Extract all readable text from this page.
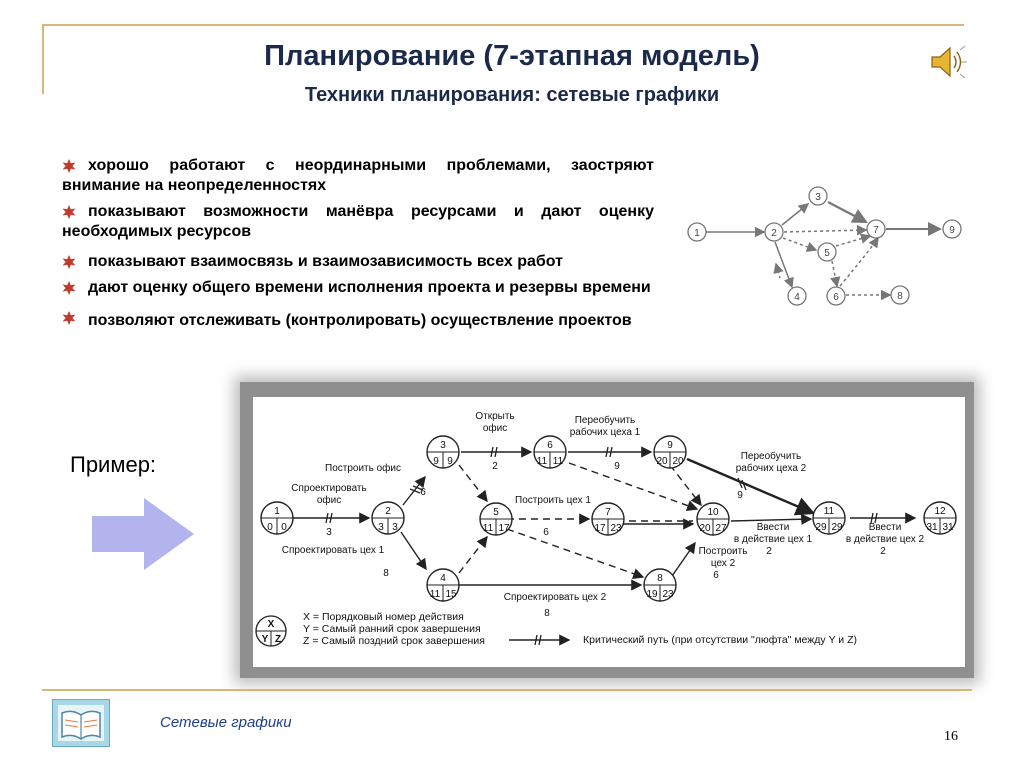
Планирование (7-этапная модель)
Техники планирования: сетевые графики
хорошо работают с неординарными проблемами, заостряют внимание на неопределенностях
показывают возможности манёвра ресурсами и дают оценку необходимых ресурсов
показывают взаимосвязь и взаимозависимость всех работ
дают оценку общего времени исполнения проекта и резервы времени
позволяют отслеживать (контролировать) осуществление проектов
1	2
3
4
5
6
7
8
9
Пример:
1
0 0
2
3 3
3
9 9
4
11 15
5
11 17
6
11 11
7
17 23
8
19 23
9
20 20
10
20 27
11
29 29
12
31 31
Спроектировать
офис
3
Построить офис
6
Открыть
офис
2
Переобучить
рабочих цеха 1
9
Переобучить
рабочих цеха 2
9
Спроектировать цех 1
8
Построить цех 1
6
Спроектировать цех 2
8
Построить
цех 2
6
Ввести
в действие цех 1
2
Ввести
в действие цех 2
2
X
Y Z
X = Порядковый номер действия
Y = Самый ранний срок завершения
Z = Самый поздний срок завершения	Критический путь (при отсутствии "люфта" между Y и Z)
Сетевые графики
16
